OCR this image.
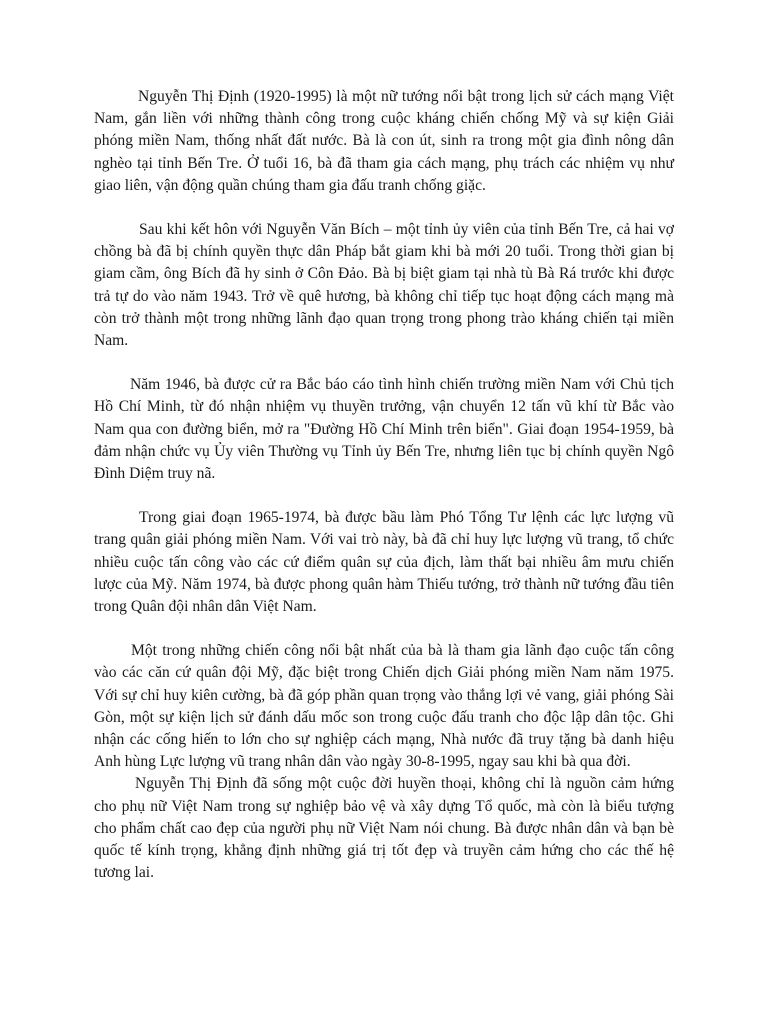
Nguyễn Thị Định (1920-1995) là một nữ tướng nổi bật trong lịch sử cách mạng Việt Nam, gắn liền với những thành công trong cuộc kháng chiến chống Mỹ và sự kiện Giải phóng miền Nam, thống nhất đất nước. Bà là con út, sinh ra trong một gia đình nông dân nghèo tại tỉnh Bến Tre. Ở tuổi 16, bà đã tham gia cách mạng, phụ trách các nhiệm vụ như giao liên, vận động quần chúng tham gia đấu tranh chống giặc.

Sau khi kết hôn với Nguyễn Văn Bích – một tỉnh ủy viên của tỉnh Bến Tre, cả hai vợ chồng bà đã bị chính quyền thực dân Pháp bắt giam khi bà mới 20 tuổi. Trong thời gian bị giam cầm, ông Bích đã hy sinh ở Côn Đảo. Bà bị biệt giam tại nhà tù Bà Rá trước khi được trả tự do vào năm 1943. Trở về quê hương, bà không chỉ tiếp tục hoạt động cách mạng mà còn trở thành một trong những lãnh đạo quan trọng trong phong trào kháng chiến tại miền Nam.

Năm 1946, bà được cử ra Bắc báo cáo tình hình chiến trường miền Nam với Chủ tịch Hồ Chí Minh, từ đó nhận nhiệm vụ thuyền trưởng, vận chuyển 12 tấn vũ khí từ Bắc vào Nam qua con đường biển, mở ra "Đường Hồ Chí Minh trên biển". Giai đoạn 1954-1959, bà đảm nhận chức vụ Ủy viên Thường vụ Tỉnh ủy Bến Tre, nhưng liên tục bị chính quyền Ngô Đình Diệm truy nã.

Trong giai đoạn 1965-1974, bà được bầu làm Phó Tổng Tư lệnh các lực lượng vũ trang quân giải phóng miền Nam. Với vai trò này, bà đã chỉ huy lực lượng vũ trang, tổ chức nhiều cuộc tấn công vào các cứ điểm quân sự của địch, làm thất bại nhiều âm mưu chiến lược của Mỹ. Năm 1974, bà được phong quân hàm Thiếu tướng, trở thành nữ tướng đầu tiên trong Quân đội nhân dân Việt Nam.

Một trong những chiến công nổi bật nhất của bà là tham gia lãnh đạo cuộc tấn công vào các căn cứ quân đội Mỹ, đặc biệt trong Chiến dịch Giải phóng miền Nam năm 1975. Với sự chỉ huy kiên cường, bà đã góp phần quan trọng vào thắng lợi vẻ vang, giải phóng Sài Gòn, một sự kiện lịch sử đánh dấu mốc son trong cuộc đấu tranh cho độc lập dân tộc. Ghi nhận các cống hiến to lớn cho sự nghiệp cách mạng, Nhà nước đã truy tặng bà danh hiệu Anh hùng Lực lượng vũ trang nhân dân vào ngày 30-8-1995, ngay sau khi bà qua đời.

Nguyễn Thị Định đã sống một cuộc đời huyền thoại, không chỉ là nguồn cảm hứng cho phụ nữ Việt Nam trong sự nghiệp bảo vệ và xây dựng Tổ quốc, mà còn là biểu tượng cho phẩm chất cao đẹp của người phụ nữ Việt Nam nói chung. Bà được nhân dân và bạn bè quốc tế kính trọng, khẳng định những giá trị tốt đẹp và truyền cảm hứng cho các thế hệ tương lai.
